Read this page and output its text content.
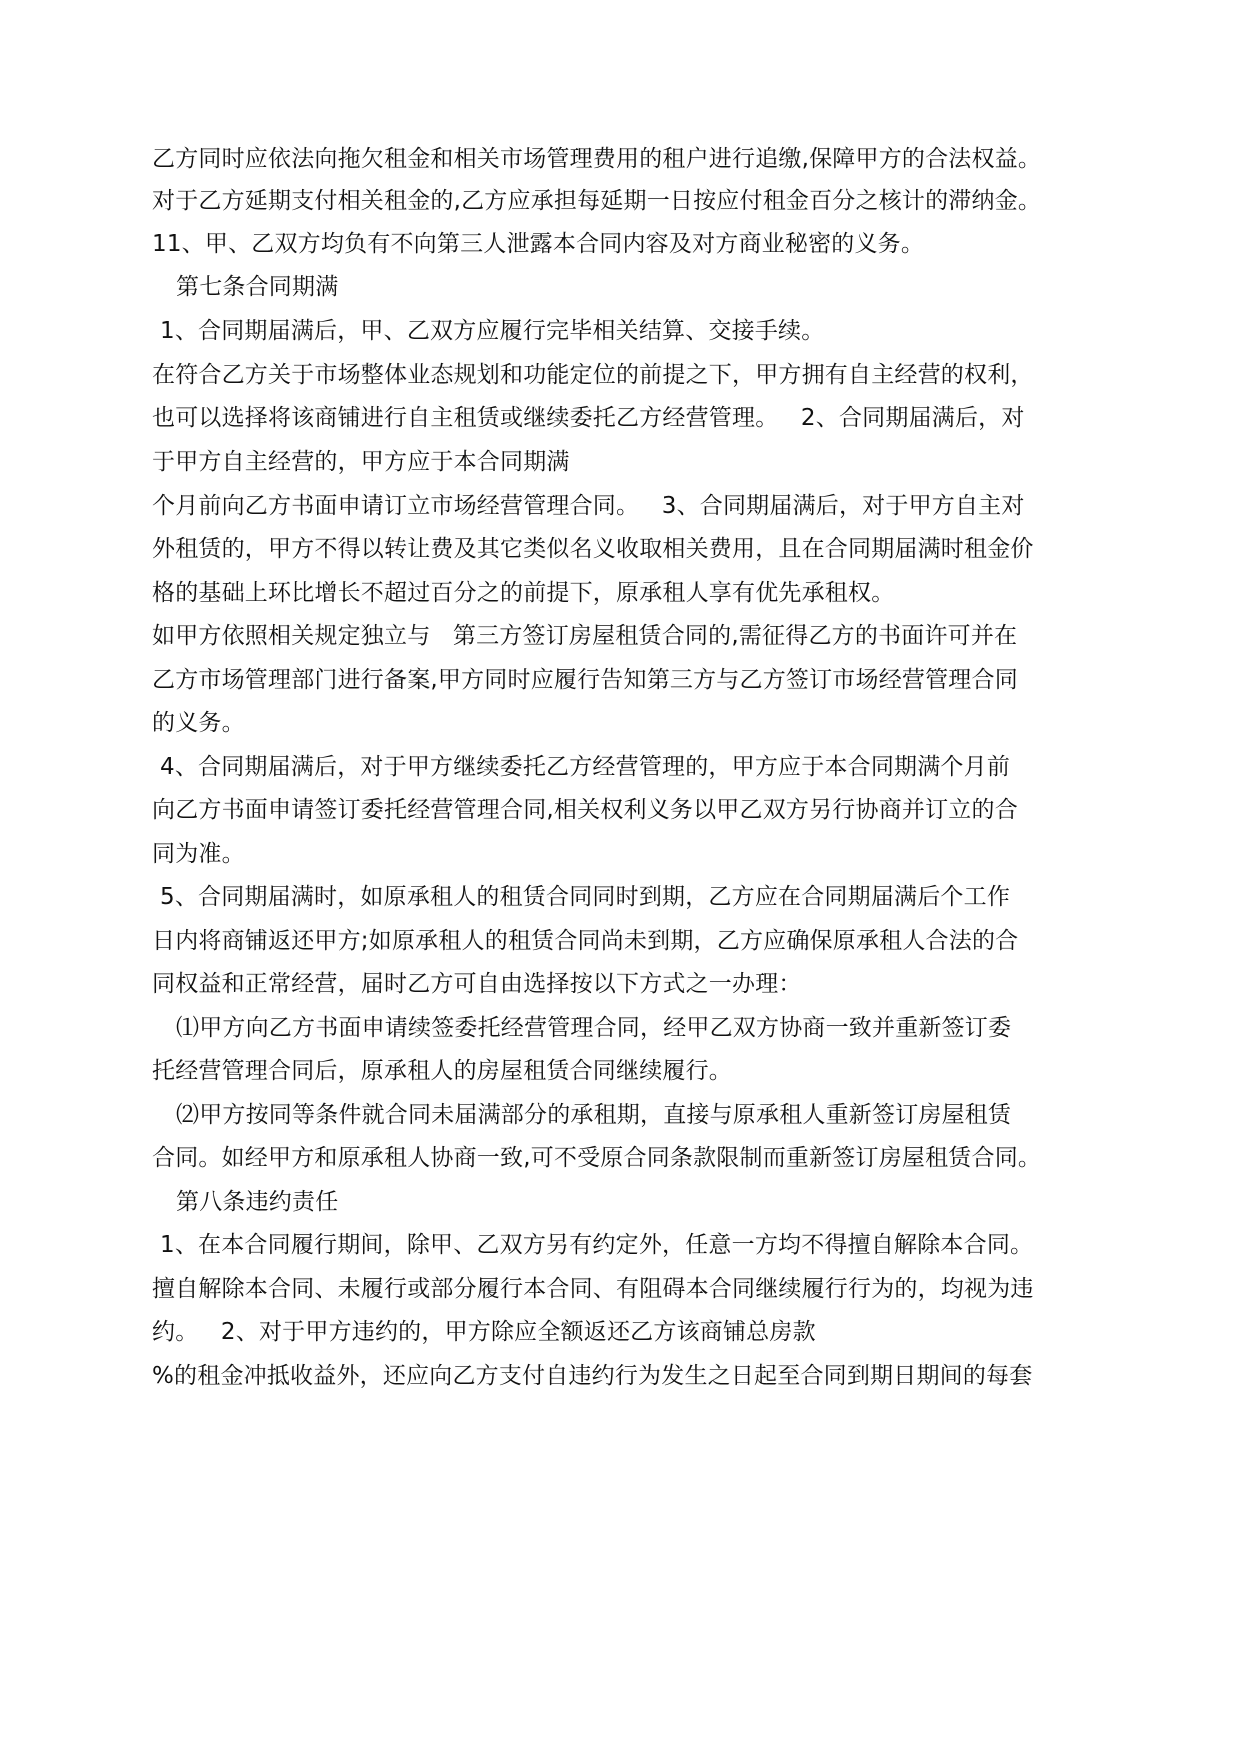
乙方同时应依法向拖欠租金和相关市场管理费用的租户进行追缴,保障甲方的合法权益。
对于乙方延期支付相关租金的,乙方应承担每延期一日按应付租金百分之核计的滞纳金。
11、甲、乙双方均负有不向第三人泄露本合同内容及对方商业秘密的义务。
第七条合同期满
1、合同期届满后，甲、乙双方应履行完毕相关结算、交接手续。
在符合乙方关于市场整体业态规划和功能定位的前提之下，甲方拥有自主经营的权利，
也可以选择将该商铺进行自主租赁或继续委托乙方经营管理。   2、合同期届满后，对
于甲方自主经营的，甲方应于本合同期满
个月前向乙方书面申请订立市场经营管理合同。   3、合同期届满后，对于甲方自主对
外租赁的，甲方不得以转让费及其它类似名义收取相关费用，且在合同期届满时租金价
格的基础上环比增长不超过百分之的前提下，原承租人享有优先承租权。
如甲方依照相关规定独立与   第三方签订房屋租赁合同的,需征得乙方的书面许可并在
乙方市场管理部门进行备案,甲方同时应履行告知第三方与乙方签订市场经营管理合同
的义务。
4、合同期届满后，对于甲方继续委托乙方经营管理的，甲方应于本合同期满个月前
向乙方书面申请签订委托经营管理合同,相关权利义务以甲乙双方另行协商并订立的合
同为准。
5、合同期届满时，如原承租人的租赁合同同时到期，乙方应在合同期届满后个工作
日内将商铺返还甲方;如原承租人的租赁合同尚未到期，乙方应确保原承租人合法的合
同权益和正常经营，届时乙方可自由选择按以下方式之一办理：
⑴甲方向乙方书面申请续签委托经营管理合同，经甲乙双方协商一致并重新签订委
托经营管理合同后，原承租人的房屋租赁合同继续履行。
⑵甲方按同等条件就合同未届满部分的承租期，直接与原承租人重新签订房屋租赁
合同。如经甲方和原承租人协商一致,可不受原合同条款限制而重新签订房屋租赁合同。
第八条违约责任
1、在本合同履行期间，除甲、乙双方另有约定外，任意一方均不得擅自解除本合同。
擅自解除本合同、未履行或部分履行本合同、有阻碍本合同继续履行行为的，均视为违
约。   2、对于甲方违约的，甲方除应全额返还乙方该商铺总房款
%的租金冲抵收益外，还应向乙方支付自违约行为发生之日起至合同到期日期间的每套
